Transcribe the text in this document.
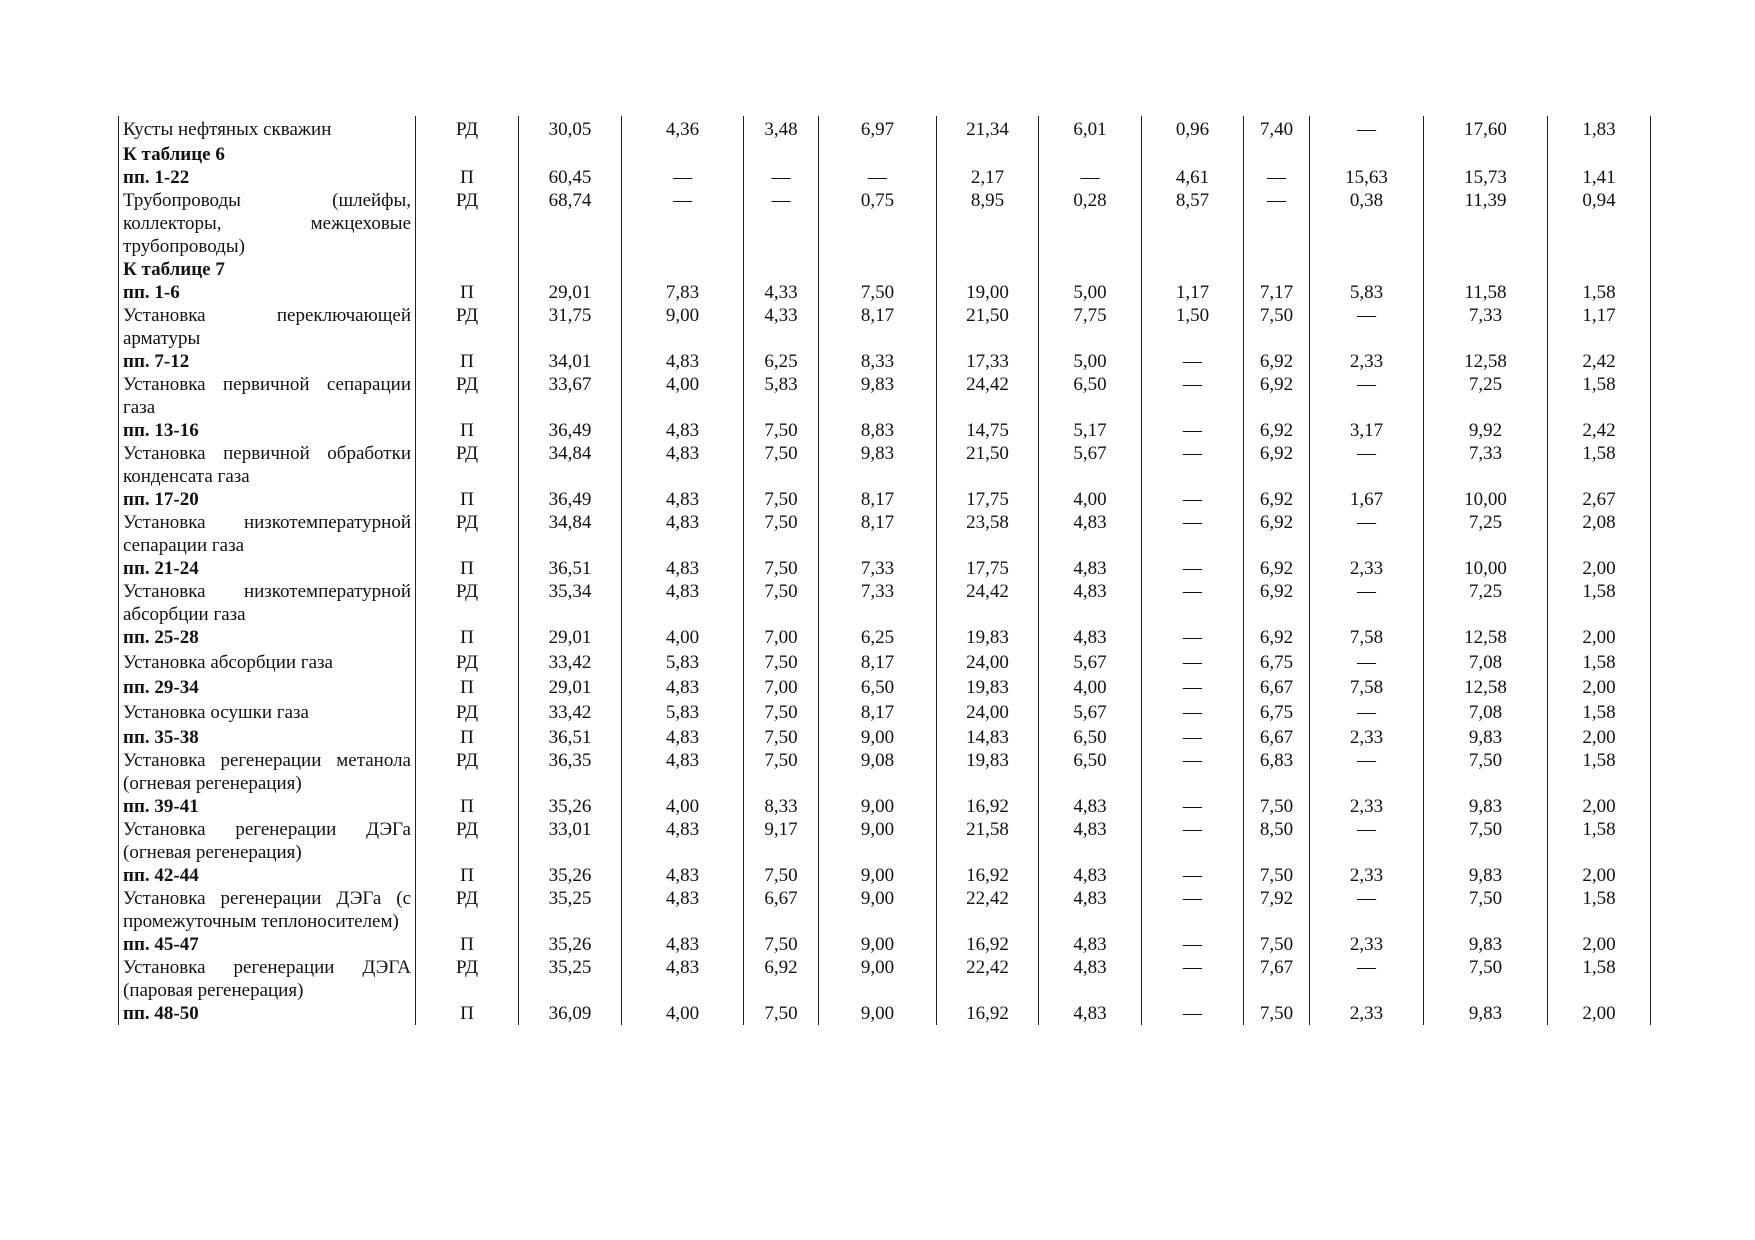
Кусты нефтяных скважин	РД	30,05	4,36	3,48	6,97	21,34	6,01	0,96	7,40	—	17,60	1,83
К таблице 6												
пп. 1-22	П	60,45	—	—	—	2,17	—	4,61	—	15,63	15,73	1,41
Трубопроводы (шлейфы, коллекторы, межцеховые трубопроводы)	РД	68,74	—	—	0,75	8,95	0,28	8,57	—	0,38	11,39	0,94
К таблице 7												
пп. 1-6	П	29,01	7,83	4,33	7,50	19,00	5,00	1,17	7,17	5,83	11,58	1,58
Установка переключающей арматуры	РД	31,75	9,00	4,33	8,17	21,50	7,75	1,50	7,50	—	7,33	1,17
пп. 7-12	П	34,01	4,83	6,25	8,33	17,33	5,00	—	6,92	2,33	12,58	2,42
Установка первичной сепарации газа	РД	33,67	4,00	5,83	9,83	24,42	6,50	—	6,92	—	7,25	1,58
пп. 13-16	П	36,49	4,83	7,50	8,83	14,75	5,17	—	6,92	3,17	9,92	2,42
Установка первичной обработки конденсата газа	РД	34,84	4,83	7,50	9,83	21,50	5,67	—	6,92	—	7,33	1,58
пп. 17-20	П	36,49	4,83	7,50	8,17	17,75	4,00	—	6,92	1,67	10,00	2,67
Установка низкотемпературной сепарации газа	РД	34,84	4,83	7,50	8,17	23,58	4,83	—	6,92	—	7,25	2,08
пп. 21-24	П	36,51	4,83	7,50	7,33	17,75	4,83	—	6,92	2,33	10,00	2,00
Установка низкотемпературной абсорбции газа	РД	35,34	4,83	7,50	7,33	24,42	4,83	—	6,92	—	7,25	1,58
пп. 25-28	П	29,01	4,00	7,00	6,25	19,83	4,83	—	6,92	7,58	12,58	2,00
Установка абсорбции газа	РД	33,42	5,83	7,50	8,17	24,00	5,67	—	6,75	—	7,08	1,58
пп. 29-34	П	29,01	4,83	7,00	6,50	19,83	4,00	—	6,67	7,58	12,58	2,00
Установка осушки газа	РД	33,42	5,83	7,50	8,17	24,00	5,67	—	6,75	—	7,08	1,58
пп. 35-38	П	36,51	4,83	7,50	9,00	14,83	6,50	—	6,67	2,33	9,83	2,00
Установка регенерации метанола (огневая регенерация)	РД	36,35	4,83	7,50	9,08	19,83	6,50	—	6,83	—	7,50	1,58
пп. 39-41	П	35,26	4,00	8,33	9,00	16,92	4,83	—	7,50	2,33	9,83	2,00
Установка регенерации ДЭГа (огневая регенерация)	РД	33,01	4,83	9,17	9,00	21,58	4,83	—	8,50	—	7,50	1,58
пп. 42-44	П	35,26	4,83	7,50	9,00	16,92	4,83	—	7,50	2,33	9,83	2,00
Установка регенерации ДЭГа (с промежуточным теплоносителем)	РД	35,25	4,83	6,67	9,00	22,42	4,83	—	7,92	—	7,50	1,58
пп. 45-47	П	35,26	4,83	7,50	9,00	16,92	4,83	—	7,50	2,33	9,83	2,00
Установка регенерации ДЭГА (паровая регенерация)	РД	35,25	4,83	6,92	9,00	22,42	4,83	—	7,67	—	7,50	1,58
пп. 48-50	П	36,09	4,00	7,50	9,00	16,92	4,83	—	7,50	2,33	9,83	2,00
